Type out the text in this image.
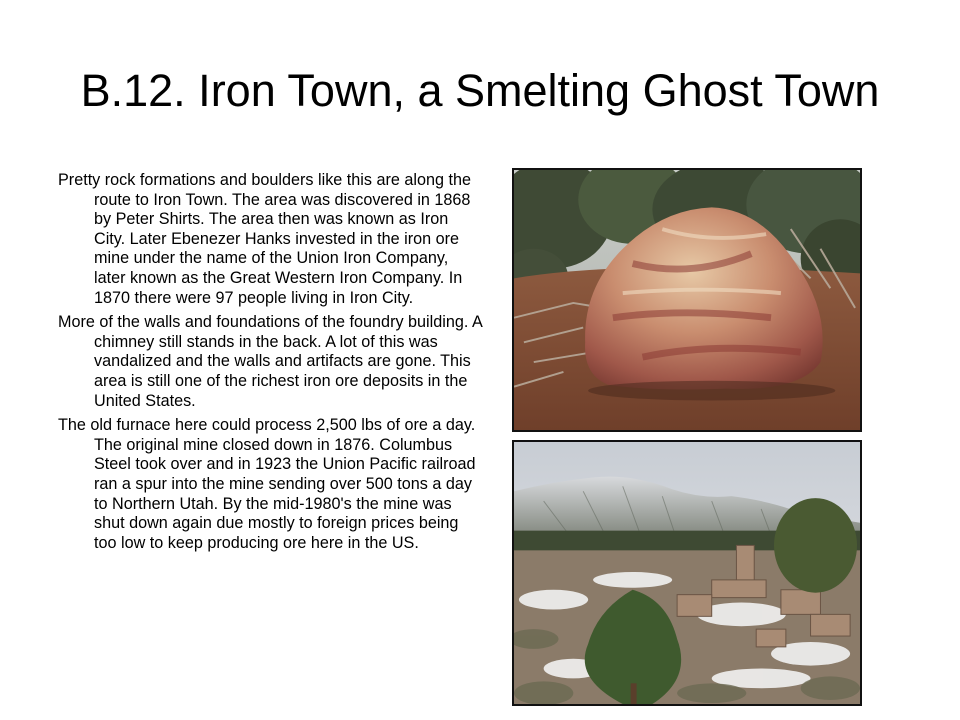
B.12. Iron Town, a Smelting Ghost Town

Pretty rock formations and boulders like this are along the route to Iron Town. The area was discovered in 1868 by Peter Shirts. The area then was known as Iron City. Later Ebenezer Hanks invested in the iron ore mine under the name of the Union Iron Company, later known as the Great Western Iron Company. In 1870 there were 97 people living in Iron City.

More of the walls and foundations of the foundry building. A chimney still stands in the back. A lot of this was vandalized and the walls and artifacts are gone. This area is still one of the richest iron ore deposits in the United States.

The old furnace here could process 2,500 lbs of ore a day. The original mine closed down in 1876. Columbus Steel took over and in 1923 the Union Pacific railroad ran a spur into the mine sending over 500 tons a day to Northern Utah. By the mid-1980's the mine was shut down again due mostly to foreign prices being too low to keep producing ore here in the US.
